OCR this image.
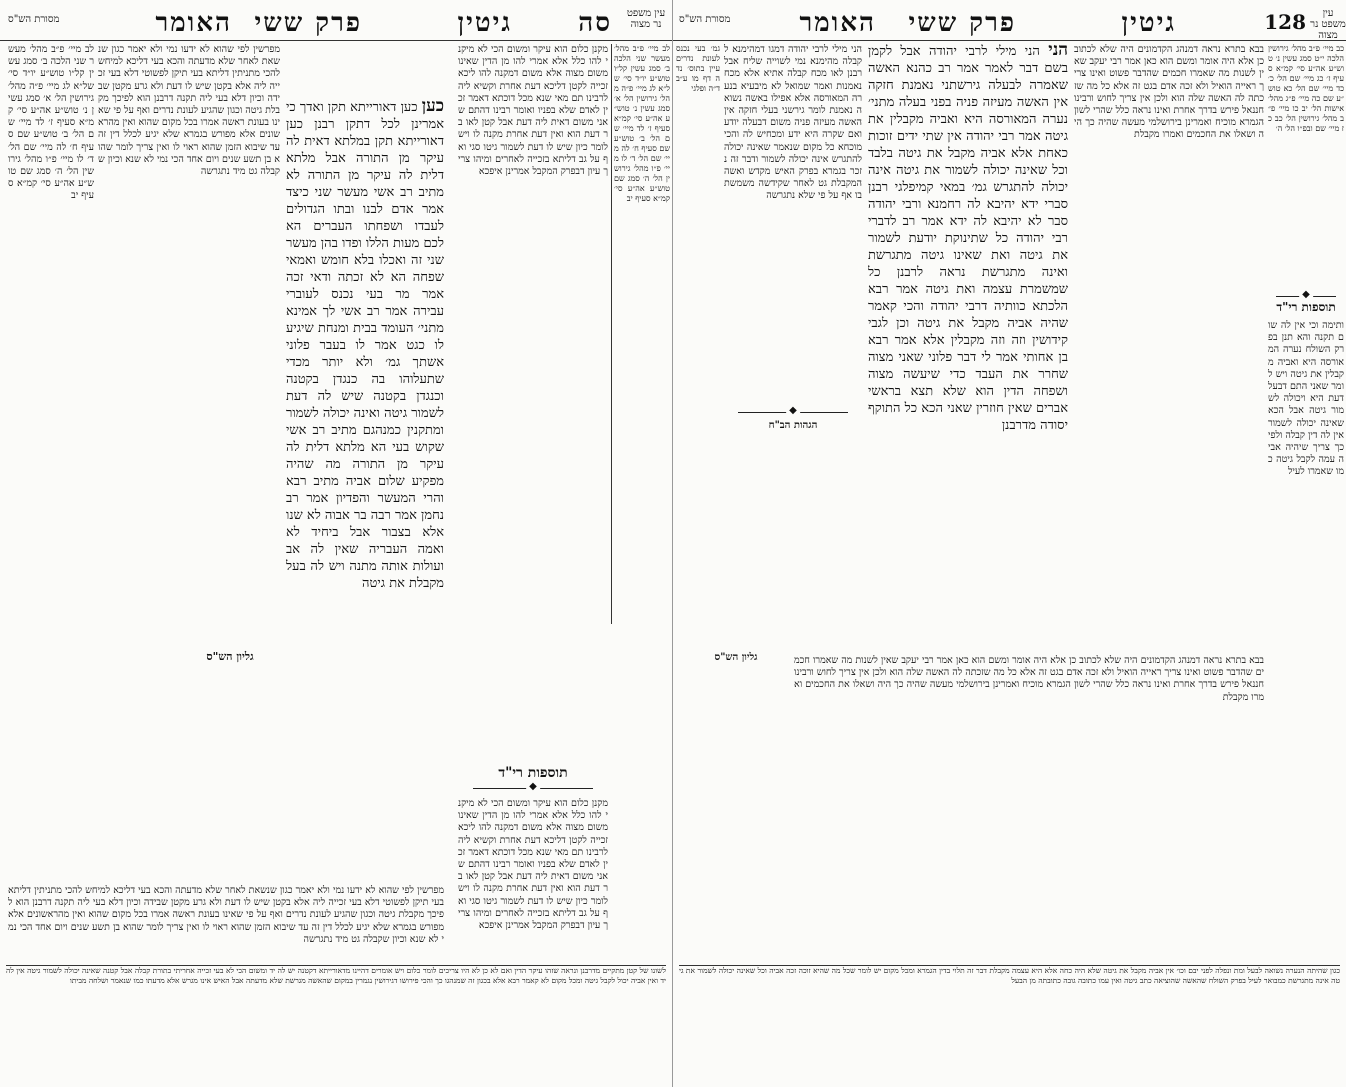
עין משפט נר מצוה
סה
גיטין
פרק ששי
האומר
מסורת הש"ס
לב מיי׳ פ״ב מהל׳ מעשר שני הלכה ב׳ סמג עשין קל״ו טוש״ע יו״ד סי׳ של״א לג מיי׳ פ״ה מהל׳ גירושין הל׳ א׳ סמג עשין נ׳ טוש״ע אה״ע סי׳ קמ״א סעיף ז׳ לד מיי׳ שם הל׳ ב׳ טוש״ע שם סעיף ח׳ לה מיי׳ שם הל׳ ד׳ לו מיי׳ פ״ו מהל׳ גירושין הל׳ ה׳ סמג שם טוש״ע אה״ע סי׳ קמ״א סעיף יב
מקנן כלום הוא עיקר ומשום הכי לא מיקני להו כלל אלא אמרי להו מן הדין שאינו משום מצוה אלא משום דמקנה להו ליכא זכייה לקטן דליכא דעת אחרת וקשיא ליה לרבינו תם מאי שנא מכל דוכתא דאמר זכין לאדם שלא בפניו ואומר רבינו דהתם שאני משום דאית ליה דעת אבל קטן לאו בר דעת הוא ואין דעת אחרת מקנה לו ויש לומר כיון שיש לו דעת לשמור גיטו סגי ואף על גב דליתא בזכייה לאחרים ומיהו צריך עיון דבפרק המקבל אמרינן איפכא
תוספות רי"ד
◆
מקנן כלום הוא עיקר ומשום הכי לא מיקני להו כלל אלא אמרי להו מן הדין שאינו משום מצוה אלא משום דמקנה להו ליכא זכייה לקטן דליכא דעת אחרת וקשיא ליה לרבינו תם מאי שנא מכל דוכתא דאמר זכין לאדם שלא בפניו ואומר רבינו דהתם שאני משום דאית ליה דעת אבל קטן לאו בר דעת הוא ואין דעת אחרת מקנה לו ויש לומר כיון שיש לו דעת לשמור גיטו סגי ואף על גב דליתא בזכייה לאחרים ומיהו צריך עיון דבפרק המקבל אמרינן איפכא
כען כען דאורייתא תקן ואדך כי אמרינן לכל דתקן רבנן כען דאורייתא תקן במלתא דאית לה עיקר מן התורה אבל מלתא דלית לה עיקר מן התורה לא מתיב רב אשי מעשר שני כיצד אמר אדם לבנו ובתו הגדולים לעבדו ושפחתו העברים הא לכם מעות הללו ופדו בהן מעשר שני זה ואכלו בלא חומש ואמאי שפחה הא לא זכתה ודאי זכה אמר מר בעי נכנס לעוברי עבירה אמר רב אשי לך אמינא מתני׳ העומד בבית ומנחת שיגיע לו כגט אמר לו בעבר פלוני אשתך גמ׳ ולא יותר מכדי שתעלוהו בה כנגדן בקטנה וכנגדן בקטנה שיש לה דעת לשמור גיטה ואינה יכולה לשמור ומתקנין כמנהגם מתיב רב אשי שקוש בעי הא מלתא דלית לה עיקר מן התורה מה שהיה מפקיע שלום אביה מתיב רבא והרי המעשר והפדיון אמר רב נחמן אמר רבה בר אבוה לא שנו אלא בצבור אבל ביחיד לא ואמה העבריה שאין לה אב ועולות אותה מתנה ויש לה בעל מקבלת את גיטה
מפרשין לפי שהוא לא ידעו נמי ולא יאמר כגון שנשאת לאחר שלא מדעתה והכא בעי דליכא למיחש להכי מתניתין דליתא בעי תיקן לפשוטי דלא בעי זכייה ליה אלא בקטן שיש לו דעת ולא גרע מקטן שבידה וכיון דלא בעי ליה תקנה דרבנן הוא לפיכך מקבלת גיטה וכגון שהגיע לעונת נדרים ואף על פי שאינו בעונת ראשה אמרו בכל מקום שהוא ואין מהראשונים אלא מפורש בגמרא שלא יגיע לכלל דין זה עד שיבוא הזמן שהוא ראוי לו ואין צריך לומר שהוא בן תשע שנים ויום אחד הכי נמי לא שנא וכיון שקבלה גט מיד נתגרשה
לב מיי׳ פ״ב מהל׳ מעשר שני הלכה ב׳ סמג עשין קל״ו טוש״ע יו״ד סי׳ של״א לג מיי׳ פ״ה מהל׳ גירושין הל׳ א׳ סמג עשין נ׳ טוש״ע אה״ע סי׳ קמ״א סעיף ז׳ לד מיי׳ שם הל׳ ב׳ טוש״ע שם סעיף ח׳ לה מיי׳ שם הל׳ ד׳ לו מיי׳ פ״ו מהל׳ גירושין הל׳ ה׳ סמג שם טוש״ע אה״ע סי׳ קמ״א סעיף יב
גליון הש"ס
מפרשין לפי שהוא לא ידעו נמי ולא יאמר כגון שנשאת לאחר שלא מדעתה והכא בעי דליכא למיחש להכי מתניתין דליתא בעי תיקן לפשוטי דלא בעי זכייה ליה אלא בקטן שיש לו דעת ולא גרע מקטן שבידה וכיון דלא בעי ליה תקנה דרבנן הוא לפיכך מקבלת גיטה וכגון שהגיע לעונת נדרים ואף על פי שאינו בעונת ראשה אמרו בכל מקום שהוא ואין מהראשונים אלא מפורש בגמרא שלא יגיע לכלל דין זה עד שיבוא הזמן שהוא ראוי לו ואין צריך לומר שהוא בן תשע שנים ויום אחד הכי נמי לא שנא וכיון שקבלה גט מיד נתגרשה
לשונו של קטן מתקיים מדרבנן ונראה שזהו עיקר הדין ואם לא כן לא היו צריכים לומר כלום ויש אומרים דהיינו מדאורייתא דקטנה יש לה יד ומשום הכי לא בעי זכייה אחריתי בתורת קבלה אבל קטנה שאינה יכולה לשמור גיטה אין לה יד ואין אביה יכול לקבל גיטה ומכל מקום לא קאמר רבא אלא בכגון זה שמנהגו כך והכי פירושו דגירושין נגמרין במקום שהאשה מגרשת שלא מדעתה אבל האיש אינו מגרש אלא מדעתו כמו שנאמר ושלחה מביתו
128	עין משפט נר מצוה
גיטין
פרק ששי
האומר
מסורת הש"ס
כב מיי׳ פ״ב מהל׳ גירושין הלכה י״ט סמג עשין נ׳ טוש״ע אה״ע סי׳ קמ״א סעיף ז׳ כג מיי׳ שם הל׳ כ׳ כד מיי׳ שם הל׳ כא טוש״ע שם כה מיי׳ פ״ג מהל׳ אישות הל׳ יב כו מיי׳ פ״ב מהל׳ גירושין הל׳ כב כז מיי׳ שם ובפ״ו הל׳ ה׳
◆
תוספות רי"ד
ותימה וכי אין לה שום תקנה והא תנן בפרק השולח נערה המאורסה היא ואביה מקבלין את גיטה ויש לומר שאני התם דבעל דעת היא ויכולה לשמור גיטה אבל הכא שאינה יכולה לשמור אין לה דין קבלה ולפיכך צריך שיהיה אביה עמה לקבל גיטה כמו שאמרו לעיל
בבא בתרא נראה דמנהג הקדמונים היה שלא לכתוב כן אלא היה אומר ומשם הוא כאן אמר רבי יעקב שאין לשנות מה שאמרו חכמים שהדבר פשוט ואינו צריך ראייה הואיל ולא זכה אדם בגט זה אלא כל מה שזכתה לה האשה שלה הוא ולכן אין צריך לחוש ורבינו חננאל פירש בדרך אחרת ואינו נראה כלל שהרי לשון הגמרא מוכיח ואמרינן בירושלמי מעשה שהיה כך היה ושאלו את החכמים ואמרו מקבלת
הני הני מילי לרבי יהודה אבל לקמן בשם דבר לאמר אמר רב כהנא האשה שאמרה לבעלה גירשתני נאמנת חזקה אין האשה מעיזה פניה בפני בעלה מתני׳ נערה המאורסה היא ואביה מקבלין את גיטה אמר רבי יהודה אין שתי ידים זוכות כאחת אלא אביה מקבל את גיטה בלבד וכל שאינה יכולה לשמור את גיטה אינה יכולה להתגרש גמ׳ במאי קמיפלגי רבנן סברי ידא יהיבא לה רחמנא ורבי יהודה סבר לא יהיבא לה ידא אמר רב לדברי רבי יהודה כל שתינוקת יודעת לשמור את גיטה ואת שאינו גיטה מתגרשת ואינה מתגרשת נראה לרבנן כל שמשמרת עצמה ואת גיטה אמר רבא הלכתא כוותיה דרבי יהודה והכי קאמר שהיה אביה מקבל את גיטה וכן לגבי קידושין וזה וזה מקבלין אלא אמר רבא בן אחותי אמר לי דבר פלוני שאני מצוה שחרר את העבד כדי שיעשה מצוה ושפחה הדין הוא שלא תצא בראשי אברים שאין חוזרין שאני הכא כל התוקף יסודה מדרבנן
הני מילי לרבי יהודה דמגו דמהימנא לקבלה מהימנא נמי לשוייה שליח אבל רבנן לאו מכח קבלה אתיא אלא מכח נאמנות ואמר שמואל לא מיבעיא בנערה המאורסה אלא אפילו באשה נשואה נאמנת לומר גירשני בעלי חזקה אין האשה מעיזה פניה משום דבעלה יודע ואם שקרה היא ידע ומכחיש לה והכי מוכחא כל מקום שנאמר שאינה יכולה להתגרש אינה יכולה לשמור ודבר זה נזכר בגמרא בפרק האיש מקדש ואשה המקבלת גט לאחר שקידשה משמשת בו אף על פי שלא נתגרשה
גמ׳ בעי נכנס לעונת נדרים עיין בתוס׳ נדה דף מו ע״ב ד״ה ופלגי
◆
הגהות הב"ח
גליון הש"ס	בבא בתרא נראה דמנהג הקדמונים היה שלא לכתוב כן אלא היה אומר ומשם הוא כאן אמר רבי יעקב שאין לשנות מה שאמרו חכמים שהדבר פשוט ואינו צריך ראייה הואיל ולא זכה אדם בגט זה אלא כל מה שזכתה לה האשה שלה הוא ולכן אין צריך לחוש ורבינו חננאל פירש בדרך אחרת ואינו נראה כלל שהרי לשון הגמרא מוכיח ואמרינן בירושלמי מעשה שהיה כך היה ושאלו את החכמים ואמרו מקבלת
כגון שהיתה הנערה נשואה לבעל ומת ונפלה לפני יבם וכו׳ אין אביה מקבל את גיטה שלא היה כחה אלא היא עצמה מקבלת דבר זה תלוי בדין הגמרא ומכל מקום יש לומר שכל מה שהיא זוכה זכה אביה וכל שאינה יכולה לשמור את גיטה אינה מתגרשת כמבואר לעיל בפרק השולח שהאשה שהוציאה כתב גיטה ואין עמו כתובה גובה כתובתה מן הבעל
